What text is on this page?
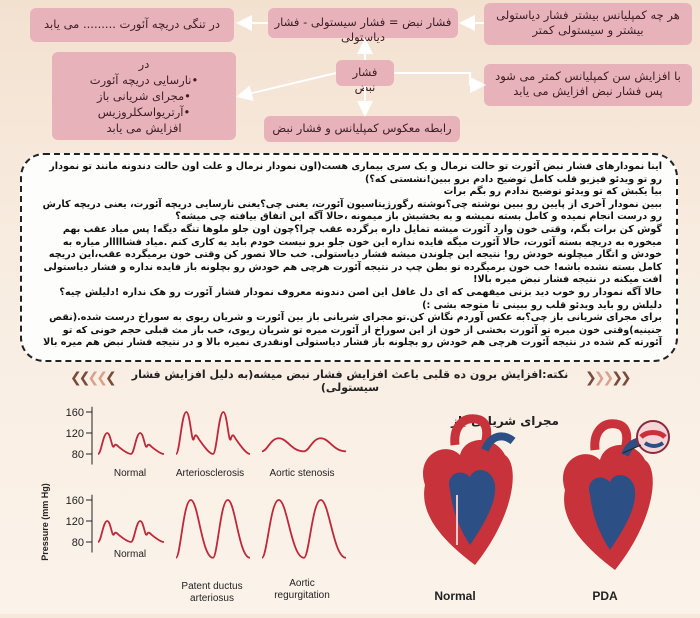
در تنگی دریچه آئورت ......... می یابد	فشار نبض = فشار سیستولی - فشار دیاستولی
هر چه کمپلیانس بیشتر فشار دیاستولی بیشتر و سیستولی کمتر
فشار نبض
در
•نارسایی دریچه آئورت
•مجرای شریانی باز
•آرتریواسکلروزیس
افزایش می یابد
با افزایش سن کمپلیانس کمتر می شود پس فشار نبض افزایش می یابد
رابطه معکوس کمپلیانس و فشار نبض

اینا نمودارهای فشار نبض آئورت تو حالت نرمال و یک سری بیماری هست(اون نمودار نرمال و علت اون حالت دندونه مانند تو نمودار رو تو ویدئو فیزیو قلب کامل توضیح دادم برو ببین!نشستی که؟)

بیا یکبش که تو ویدئو توضیح ندادم رو بگم برات

ببین نمودار آخری از پایین رو ببین نوشته چی؟نوشته رگورژیتاسیون آئورت، یعنی چی؟یعنی نارسایی دریچه آئورت، یعنی دریچه کارش رو درست انجام نمیده و کامل بسته نمیشه و به بخشیش باز میمونه ،حالا آگه این اتفاق بیافته چی میشه؟

گوش کن برات بگم، وقتی خون وارد آئورت میشه تمایل داره برگرده عقب چرا؟چون اون جلو ملوها تنگه دیگه! پس میاد عقب بهم میخوره به دریچه بسته آئورت، حالا آئورت میگه فایده نداره این خون جلو برو نیست خودم باید یه کاری کنم .میاد فشااااار میاره به خودش و اتگار میچلونه خودش رو! نتیجه این چلوندن میشه فشار دیاستولی. خب حالا تصور کن وقتی خون برمیگرده عقب،این دریچه کامل بسته نشده باشه! خب خون برمیگرده تو بطن چپ در نتیجه آئورت هرچی هم خودش رو بچلونه باز فایده نداره و فشار دیاستولی افت میکنه در نتیجه فشار نبض میره بالا!

حالا آگه نمودار رو خوب دید بزنی میفهمی که ای دل غافل این اصن دندونه معروف نمودار فشار آئورت رو هک نداره !دلیلش چیه؟دلیلش رو باید ویدئو قلب رو ببینی تا متوجه بشی :)

برای مجرای شریانی باز چی؟به عکس آوردم نگاش کن.تو مجرای شریانی باز بین آئورت و شریان ریوی به سوراخ درست شده.(نقص جنینیه)وقتی خون میره تو آئورت بخشی از خون از این سوراخ از آئورت میره تو شریان ریوی، خب باز مث قبلی حجم خونی که تو آئورته کم شده در نتیجه آئورت هرچی هم خودش رو بچلونه باز فشار دیاستولی اونقدری نمیره بالا و در نتیجه فشار نبض هم میره بالا

❮❮❮❮❮	نکته:افزایش برون ده قلبی باعث افزایش فشار نبض میشه(به دلیل افزایش فشار سیستولی)
❯❯❯❯❯
Pressure (mm Hg)
160
120
80
160
120
80
Normal	Arteriosclerosis	Aortic stenosis
Normal
Patent ductus
arteriosus
Aortic
regurgitation
مجرای شریانی باز
Normal	PDA
